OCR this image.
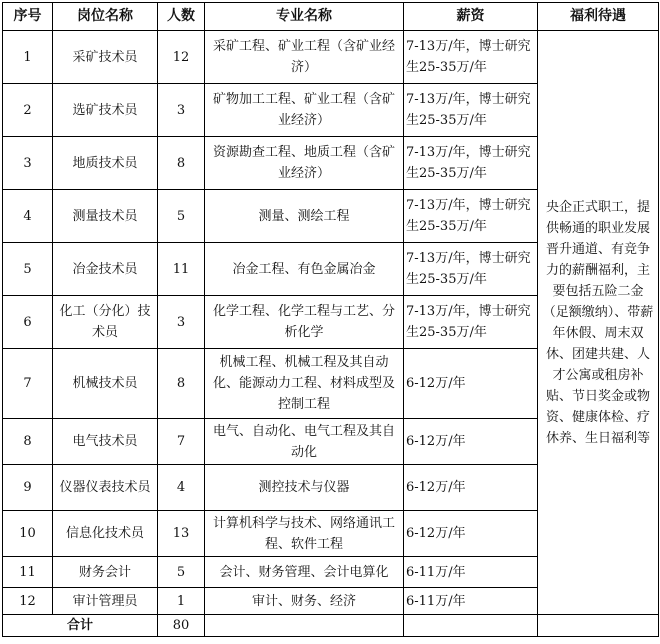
序号	岗位名称	人数	专业名称	薪资	福利待遇
1	采矿技术员	12	采矿工程、矿业工程（含矿业经济）	7-13万/年，博士研究生25-35万/年	央企正式职工，提供畅通的职业发展晋升通道、有竞争力的薪酬福利，主要包括五险二金（足额缴纳）、带薪年休假、周末双休、团建共建、人才公寓或租房补贴、节日奖金或物资、健康体检、疗休养、生日福利等
2	选矿技术员	3	矿物加工工程、矿业工程（含矿业经济）	7-13万/年，博士研究生25-35万/年	
3	地质技术员	8	资源勘查工程、地质工程（含矿业经济）	7-13万/年，博士研究生25-35万/年	
4	测量技术员	5	测量、测绘工程	7-13万/年，博士研究生25-35万/年	
5	冶金技术员	11	冶金工程、有色金属冶金	7-13万/年，博士研究生25-35万/年	
6	化工（分化）技术员	3	化学工程、化学工程与工艺、分析化学	7-13万/年，博士研究生25-35万/年	
7	机械技术员	8	机械工程、机械工程及其自动化、能源动力工程、材料成型及控制工程	6-12万/年	
8	电气技术员	7	电气、自动化、电气工程及其自动化	6-12万/年	
9	仪器仪表技术员	4	测控技术与仪器	6-12万/年	
10	信息化技术员	13	计算机科学与技术、网络通讯工程、软件工程	6-12万/年	
11	财务会计	5	会计、财务管理、会计电算化	6-11万/年	
12	审计管理员	1	审计、财务、经济	6-11万/年	
合计		80			
